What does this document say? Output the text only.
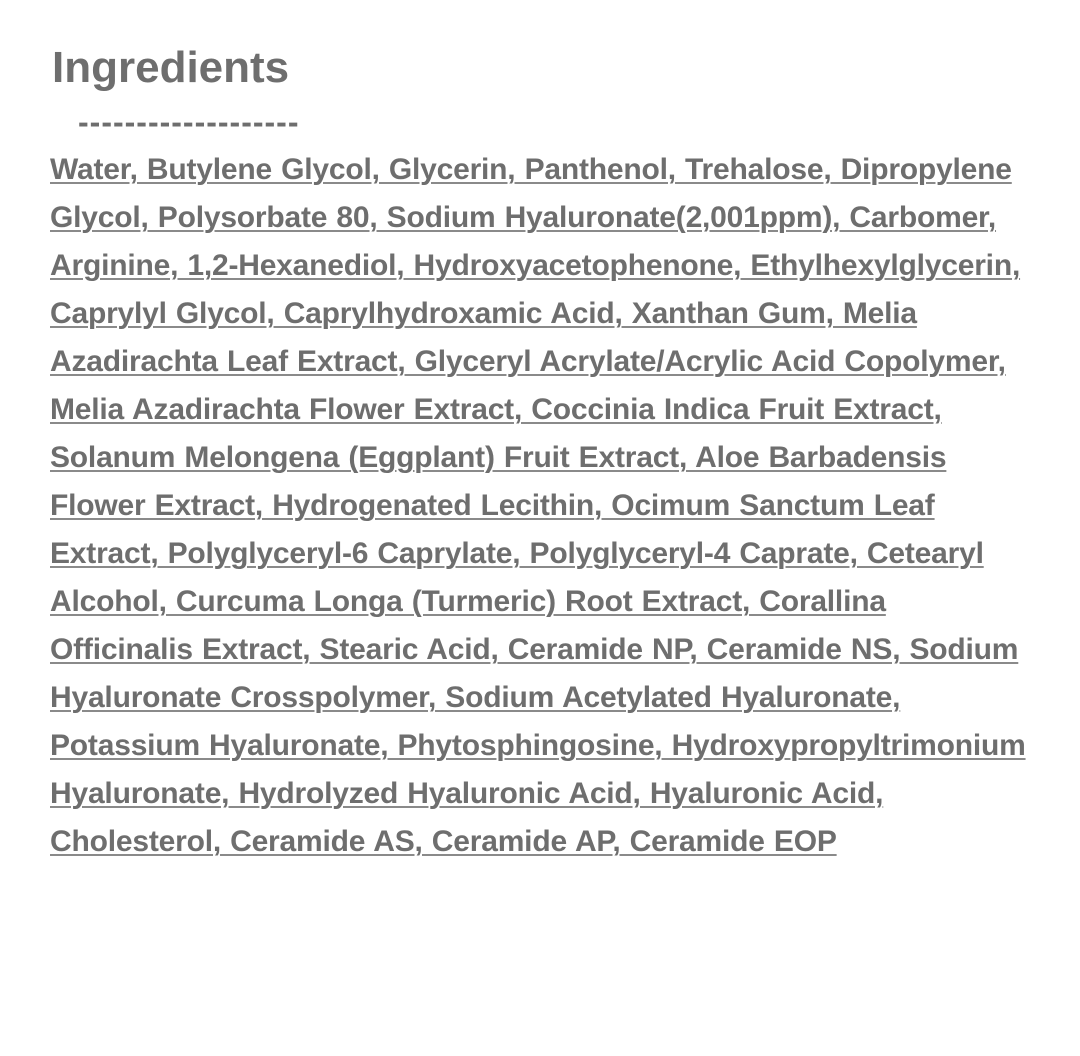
Ingredients
-------------------

Water, Butylene Glycol, Glycerin, Panthenol, Trehalose, Dipropylene Glycol, Polysorbate 80, Sodium Hyaluronate(2,001ppm), Carbomer, Arginine, 1,2-Hexanediol, Hydroxyacetophenone, Ethylhexylglycerin, Caprylyl Glycol, Caprylhydroxamic Acid, Xanthan Gum, Melia Azadirachta Leaf Extract, Glyceryl Acrylate/Acrylic Acid Copolymer, Melia Azadirachta Flower Extract, Coccinia Indica Fruit Extract, Solanum Melongena (Eggplant) Fruit Extract, Aloe Barbadensis Flower Extract, Hydrogenated Lecithin, Ocimum Sanctum Leaf Extract, Polyglyceryl-6 Caprylate, Polyglyceryl-4 Caprate, Cetearyl Alcohol, Curcuma Longa (Turmeric) Root Extract, Corallina Officinalis Extract, Stearic Acid, Ceramide NP, Ceramide NS, Sodium Hyaluronate Crosspolymer, Sodium Acetylated Hyaluronate, Potassium Hyaluronate, Phytosphingosine, Hydroxypropyltrimonium Hyaluronate, Hydrolyzed Hyaluronic Acid, Hyaluronic Acid, Cholesterol, Ceramide AS, Ceramide AP, Ceramide EOP
